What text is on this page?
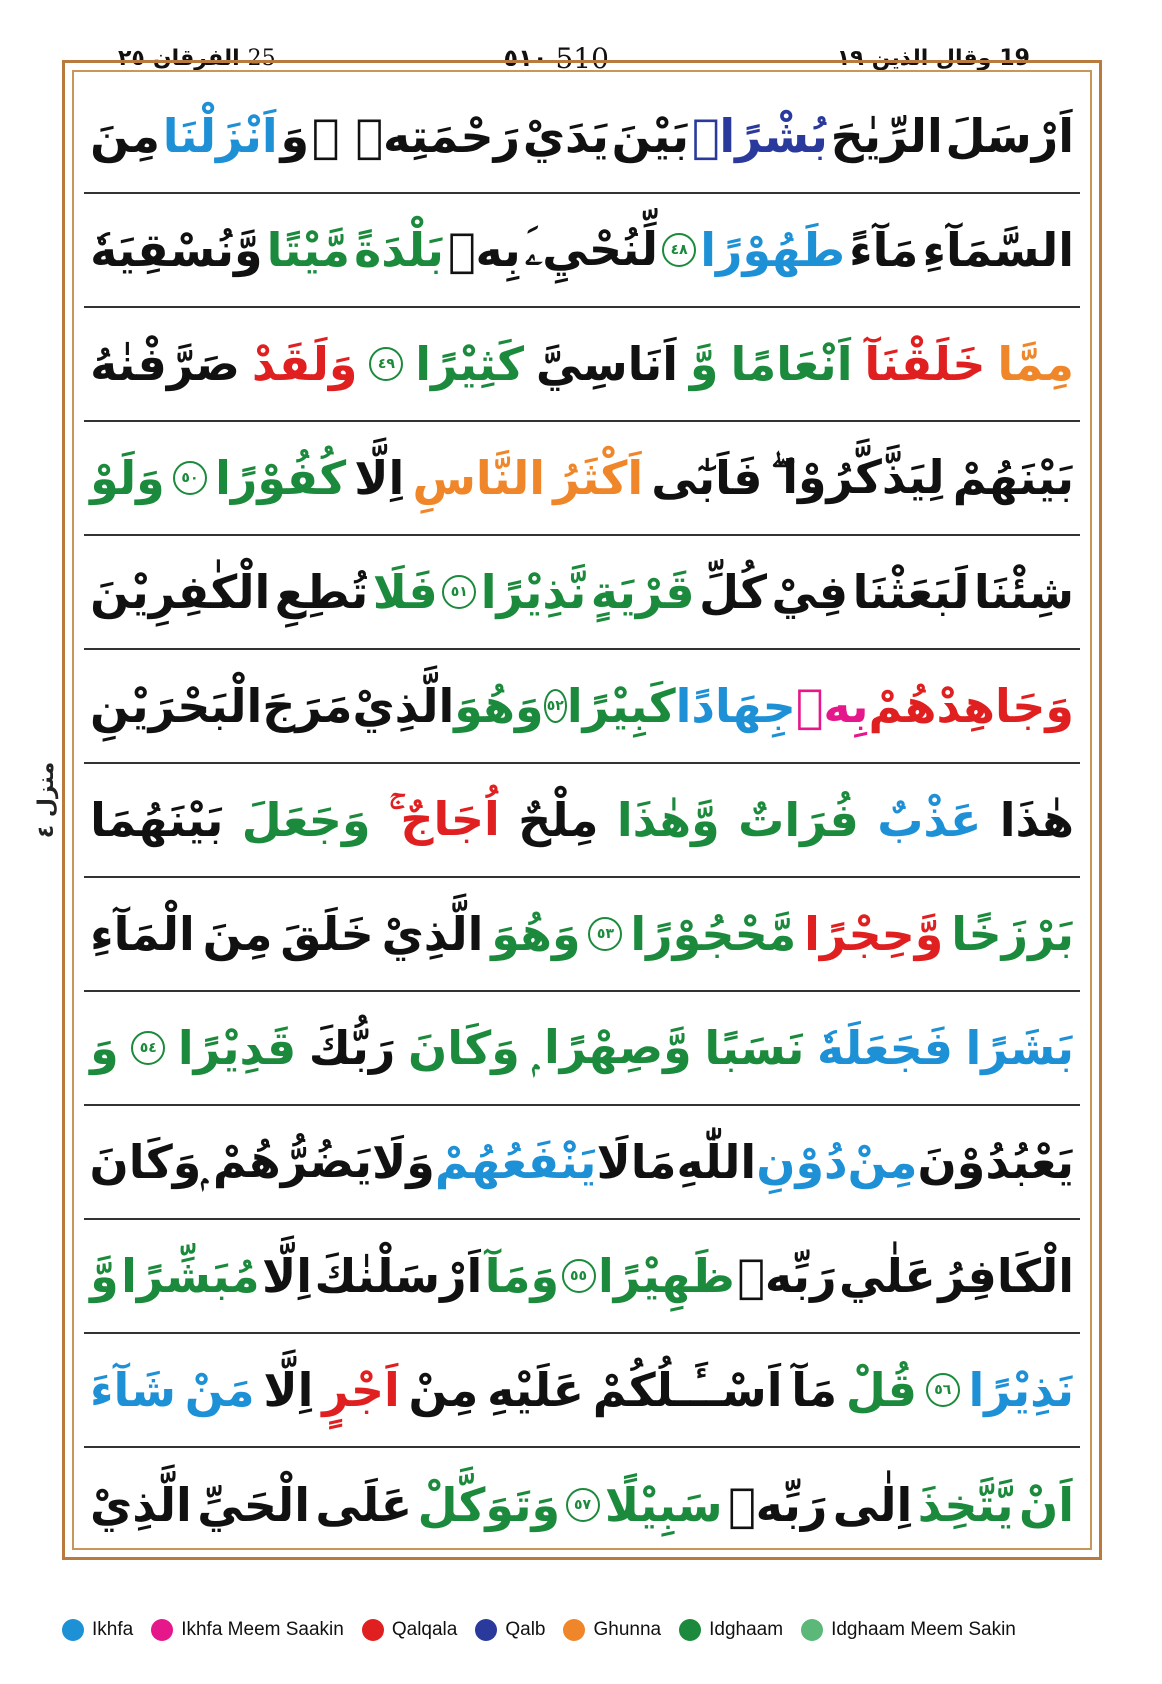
٢٥ الفرقان 25	٥١٠ 510	١٩ وقال الذين 19
منزل ٤
اَرْسَلَ
الرِّيٰحَ
بُشْرًاۢ
بَيْنَ
يَدَيْ
رَحْمَتِهٖ ۚ
وَ
اَنْزَلْنَا
مِنَ
السَّمَآءِ
مَآءً
طَهُوْرًا
٤٨
لِّنُحْيِۦَ
بِهٖ
بَلْدَةً
مَّيْتًا
وَّنُسْقِيَهٗ
مِمَّا
خَلَقْنَآ
اَنْعَامًا
وَّ
اَنَاسِيَّ
كَثِيْرًا
٤٩
وَلَقَدْ
صَرَّفْنٰهُ
بَيْنَهُمْ
لِيَذَّكَّرُوْا ۖ
فَاَبٰٓى
اَكْثَرُ
النَّاسِ
اِلَّا
كُفُوْرًا
٥٠
وَلَوْ
شِئْنَا
لَبَعَثْنَا
فِيْ
كُلِّ
قَرْيَةٍ
نَّذِيْرًا
٥١
فَلَا
تُطِعِ
الْكٰفِرِيْنَ
وَجَاهِدْهُمْ
بِهٖ
جِهَادًا
كَبِيْرًا
٥٢
وَهُوَ
الَّذِيْ
مَرَجَ
الْبَحْرَيْنِ
هٰذَا
عَذْبٌ
فُرَاتٌ
وَّهٰذَا
مِلْحٌ
اُجَاجٌ ۚ
وَجَعَلَ
بَيْنَهُمَا
بَرْزَخًا
وَّحِجْرًا
مَّحْجُوْرًا
٥٣
وَهُوَ
الَّذِيْ
خَلَقَ
مِنَ
الْمَآءِ
بَشَرًا
فَجَعَلَهٗ
نَسَبًا
وَّصِهْرًا ۭ
وَكَانَ
رَبُّكَ
قَدِيْرًا
٥٤
وَ
يَعْبُدُوْنَ
مِنْ
دُوْنِ
اللّٰهِ
مَا
لَا
يَنْفَعُهُمْ
وَلَا
يَضُرُّهُمْ ۭ
وَكَانَ
الْكَافِرُ
عَلٰي
رَبِّهٖ
ظَهِيْرًا
٥٥
وَمَآ
اَرْسَلْنٰكَ
اِلَّا
مُبَشِّرًا
وَّ
نَذِيْرًا
٥٦
قُلْ
مَآ
اَسْــَٔـلُكُمْ
عَلَيْهِ
مِنْ
اَجْرٍ
اِلَّا
مَنْ
شَآءَ
اَنْ
يَّتَّخِذَ
اِلٰى
رَبِّهٖ
سَبِيْلًا
٥٧
وَتَوَكَّلْ
عَلَى
الْحَيِّ
الَّذِيْ
Ikhfa	Ikhfa Meem Saakin	Qalqala	Qalb	Ghunna	Idghaam	Idghaam Meem Sakin
